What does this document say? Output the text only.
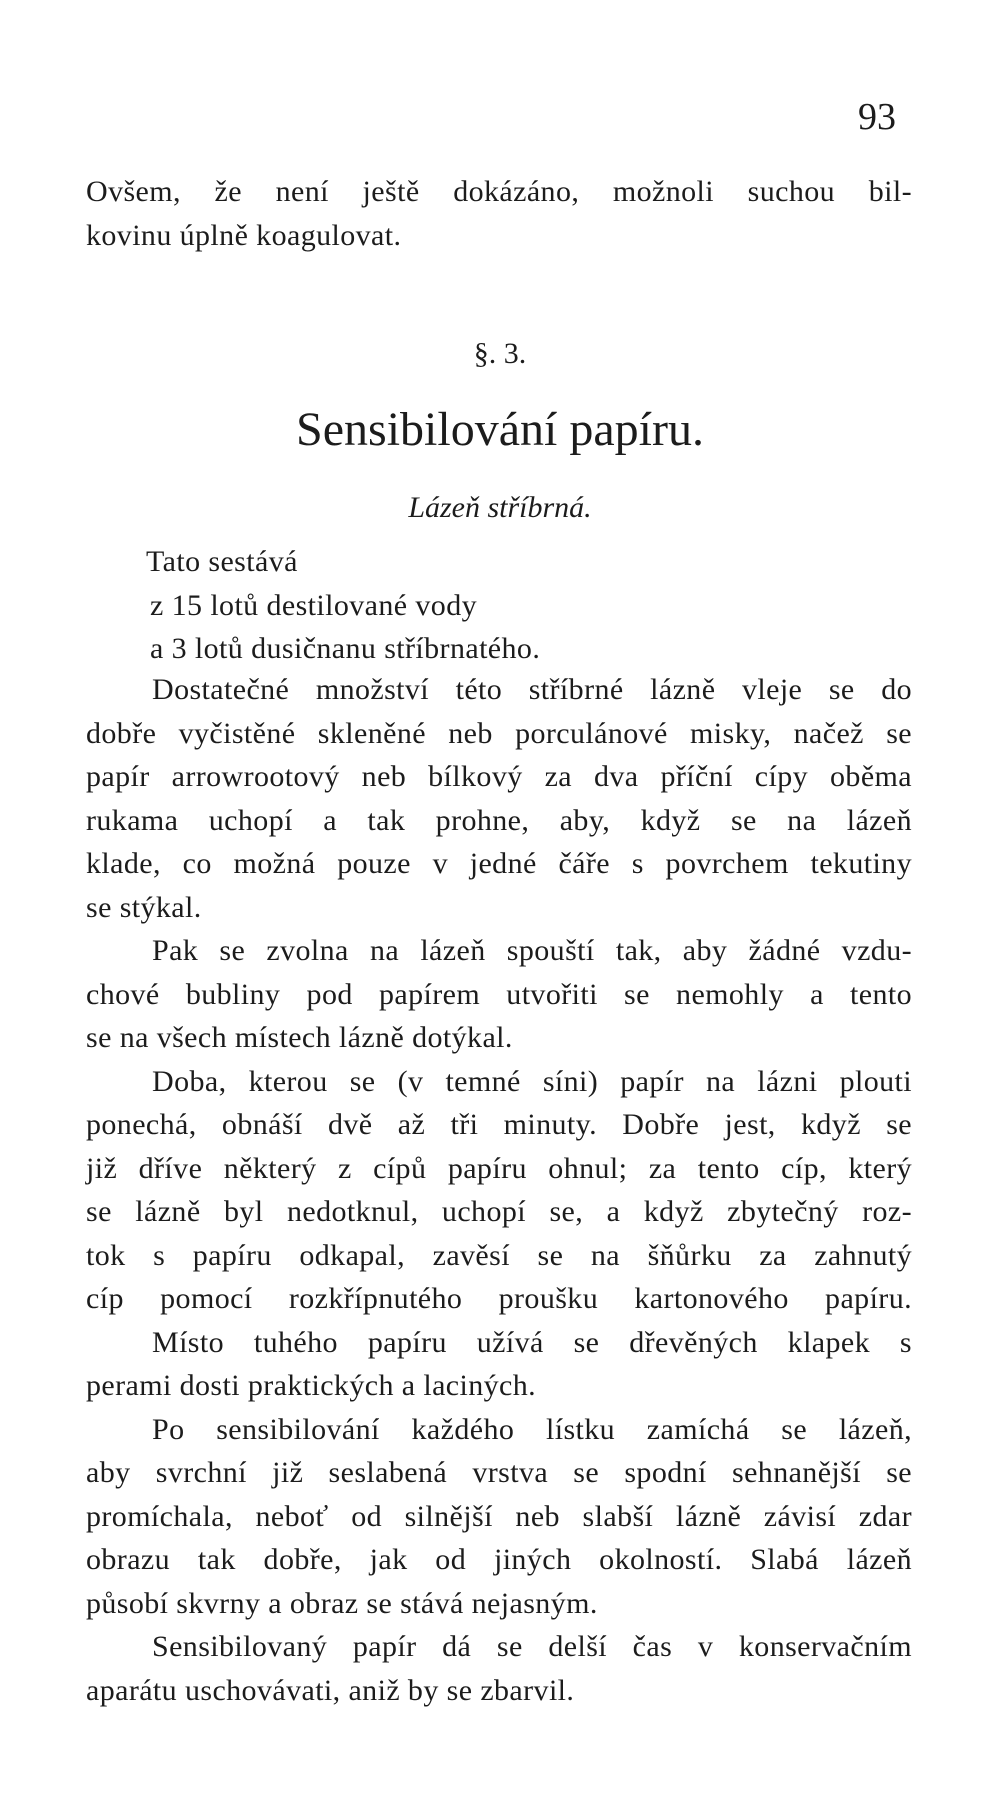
93
Ovšem, že není ještě dokázáno, možnoli suchou bil-
kovinu úplně koagulovat.
§. 3.
Sensibilování papíru.
Lázeň stříbrná.
Tato sestává
z 15 lotů destilované vody
a 3 lotů dusičnanu stříbrnatého.
Dostatečné množství této stříbrné lázně vleje se do
dobře vyčistěné skleněné neb porculánové misky, načež se
papír arrowrootový neb bílkový za dva příční cípy oběma
rukama uchopí a tak prohne, aby, když se na lázeň
klade, co možná pouze v jedné čáře s povrchem tekutiny
se stýkal.
Pak se zvolna na lázeň spouští tak, aby žádné vzdu-
chové bubliny pod papírem utvořiti se nemohly a tento
se na všech místech lázně dotýkal.
Doba, kterou se (v temné síni) papír na lázni plouti
ponechá, obnáší dvě až tři minuty. Dobře jest, když se
již dříve některý z cípů papíru ohnul; za tento cíp, který
se lázně byl nedotknul, uchopí se, a když zbytečný roz-
tok s papíru odkapal, zavěsí se na šňůrku za zahnutý
cíp pomocí rozkřípnutého proušku kartonového papíru.
Místo tuhého papíru užívá se dřevěných klapek s
perami dosti praktických a laciných.
Po sensibilování každého lístku zamíchá se lázeň,
aby svrchní již seslabená vrstva se spodní sehnanější se
promíchala, neboť od silnější neb slabší lázně závisí zdar
obrazu tak dobře, jak od jiných okolností. Slabá lázeň
působí skvrny a obraz se stává nejasným.
Sensibilovaný papír dá se delší čas v konservačním
aparátu uschovávati, aniž by se zbarvil.
